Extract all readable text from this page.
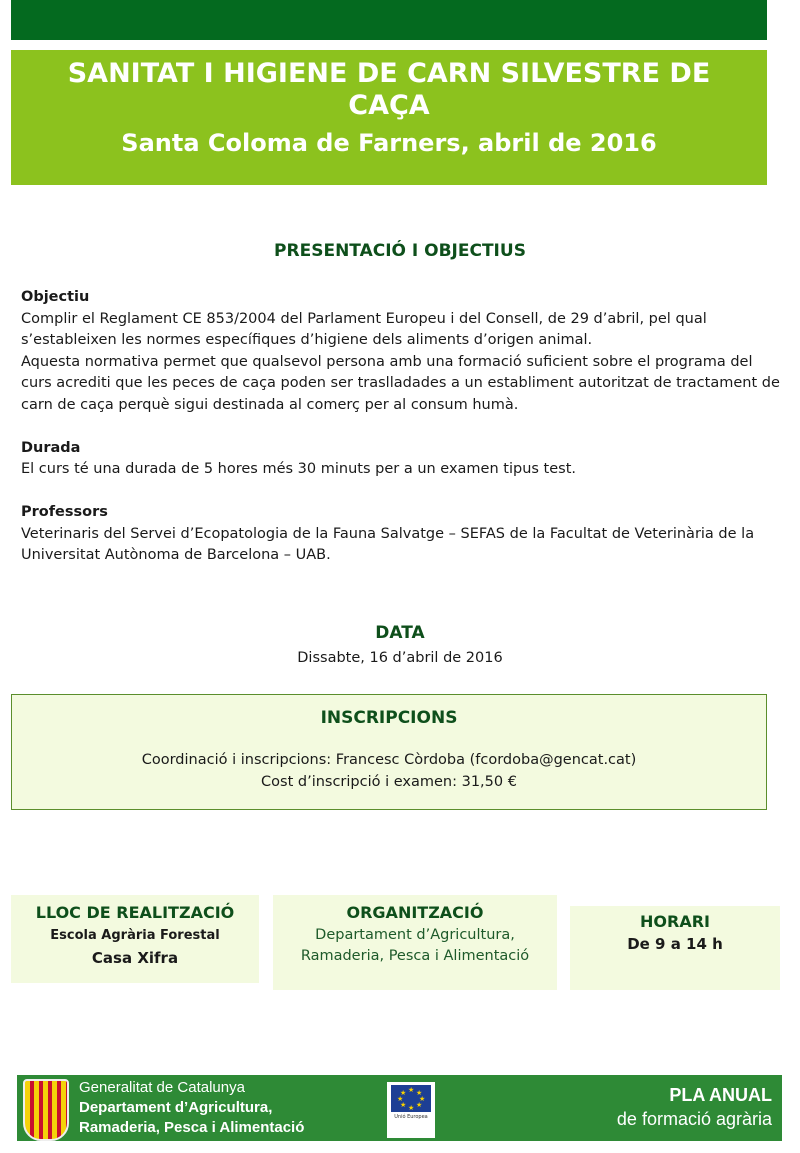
SANITAT I HIGIENE DE CARN SILVESTRE DE CAÇA
Santa Coloma de Farners, abril de 2016
PRESENTACIÓ I OBJECTIUS

Objectiu
Complir el Reglament CE 853/2004 del Parlament Europeu i del Consell, de 29 d’abril, pel qual s’estableixen les normes específiques d’higiene dels aliments d’origen animal.
Aquesta normativa permet que qualsevol persona amb una formació suficient sobre el programa del curs acrediti que les peces de caça poden ser traslladades a un establiment autoritzat de tractament de carn de caça perquè sigui destinada al comerç per al consum humà.

Durada
El curs té una durada de 5 hores més 30 minuts per a un examen tipus test.

Professors
Veterinaris del Servei d’Ecopatologia de la Fauna Salvatge – SEFAS de la Facultat de Veterinària de la Universitat Autònoma de Barcelona – UAB.

DATA
Dissabte, 16 d’abril de 2016
INSCRIPCIONS
Coordinació i inscripcions: Francesc Còrdoba (fcordoba@gencat.cat)
Cost d’inscripció i examen: 31,50 €
LLOC DE REALITZACIÓ
Escola Agrària Forestal
Casa Xifra
ORGANITZACIÓ
Departament d’Agricultura,
Ramaderia, Pesca i Alimentació
HORARI
De 9 a 14 h
Generalitat de Catalunya
Departament d’Agricultura,
Ramaderia, Pesca i Alimentació
★ ★
★
★
★
★
★
★
Unió Europea
PLA ANUAL
de formació agrària
